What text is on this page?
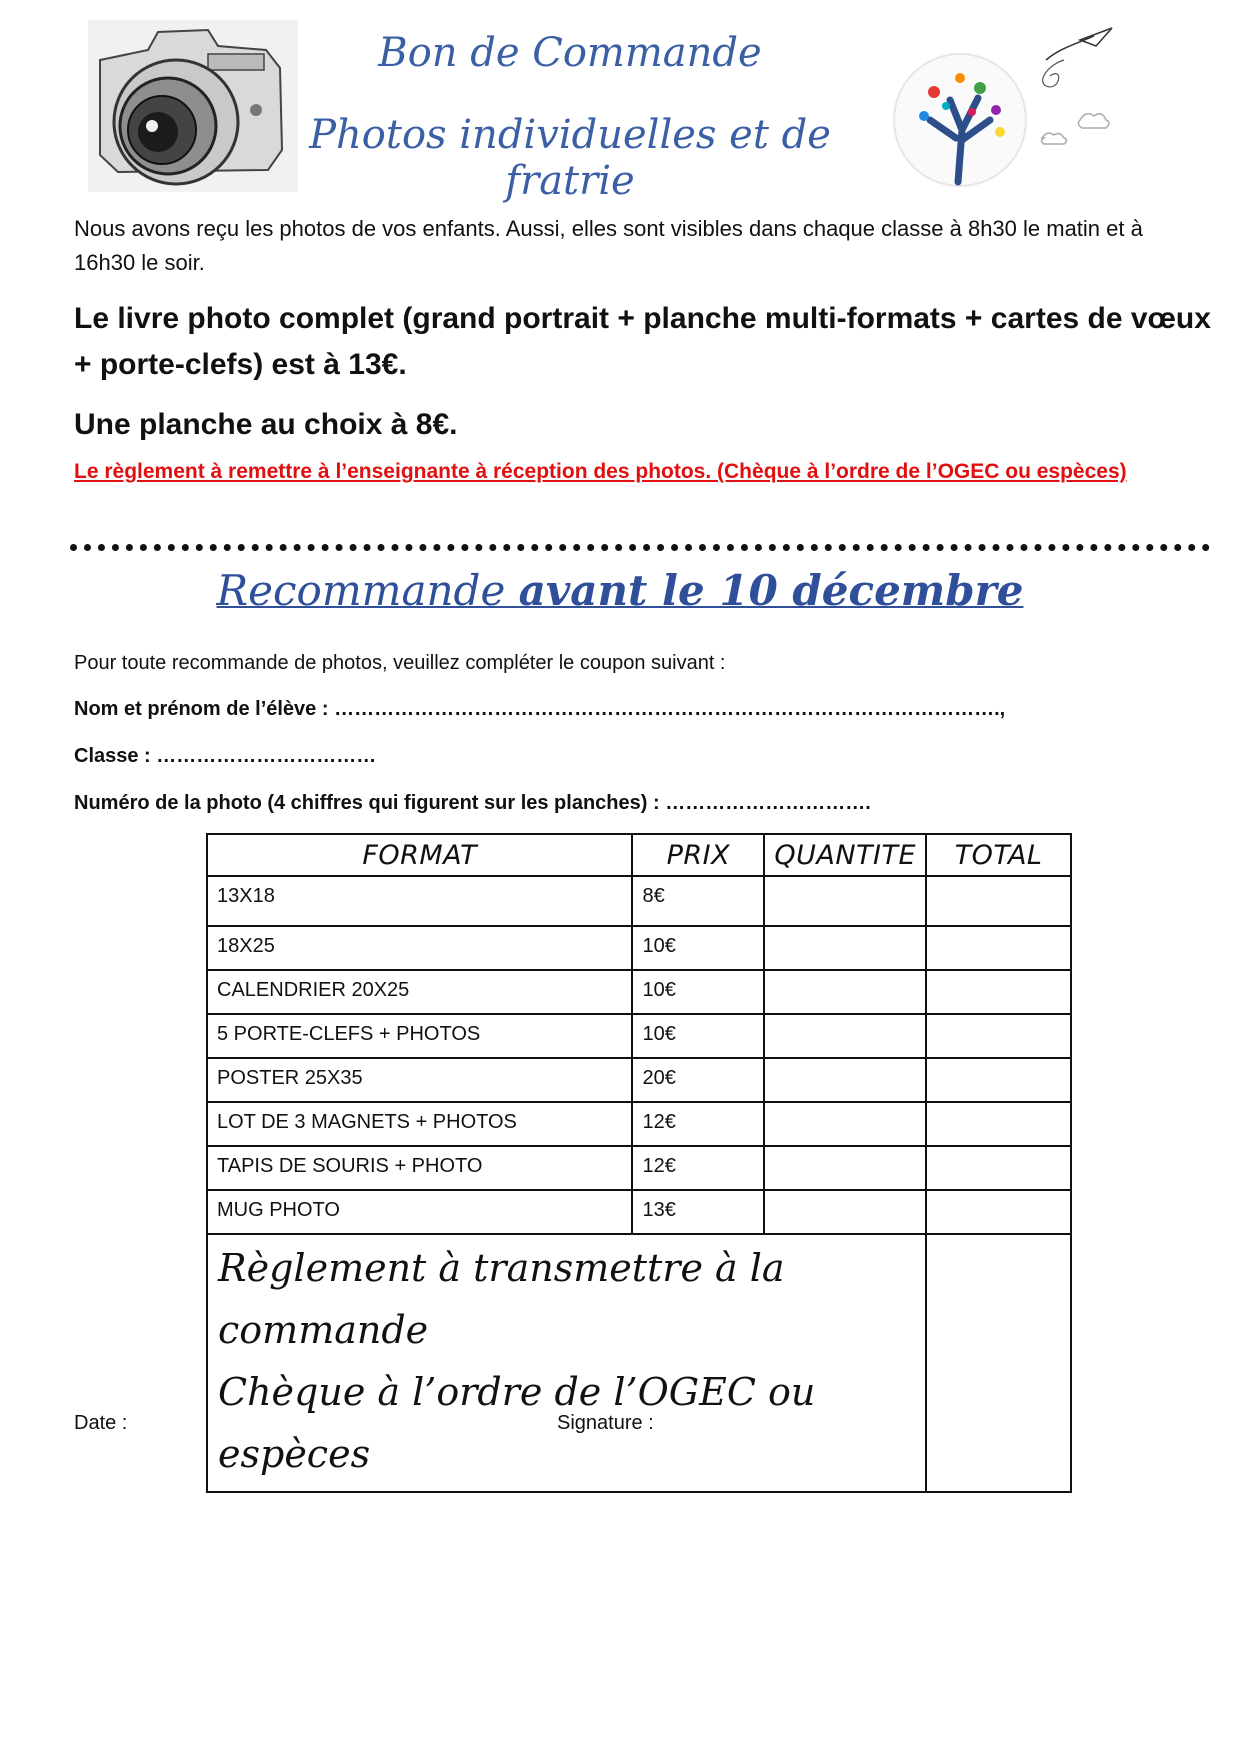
Bon de Commande
Photos individuelles et de fratrie
Nous avons reçu les photos de vos enfants. Aussi, elles sont visibles dans chaque classe à 8h30 le matin et à 16h30 le soir.
Le livre photo complet (grand portrait + planche multi-formats + cartes de vœux + porte-clefs) est à 13€.
Une planche au choix à 8€.
Le règlement à remettre à l’enseignante à réception des photos. (Chèque à l’ordre de l’OGEC ou espèces)
Recommande avant le 10 décembre
Pour toute recommande de photos, veuillez compléter le coupon suivant :
Nom et prénom de l’élève : ……………………………………………………………………………………….,
Classe : ……………………………
Numéro de la photo (4 chiffres qui figurent sur les planches) : ………………………….
FORMAT	PRIX	QUANTITE	TOTAL
13X18	8€		
18X25	10€		
CALENDRIER 20X25	10€		
5 PORTE-CLEFS + PHOTOS	10€		
POSTER 25X35	20€		
LOT DE 3 MAGNETS + PHOTOS	12€		
TAPIS DE SOURIS + PHOTO	12€		
MUG PHOTO	13€		

Règlement à transmettre à la commande
Chèque à l’ordre de l’OGEC ou espèces			

Date :	Signature :
